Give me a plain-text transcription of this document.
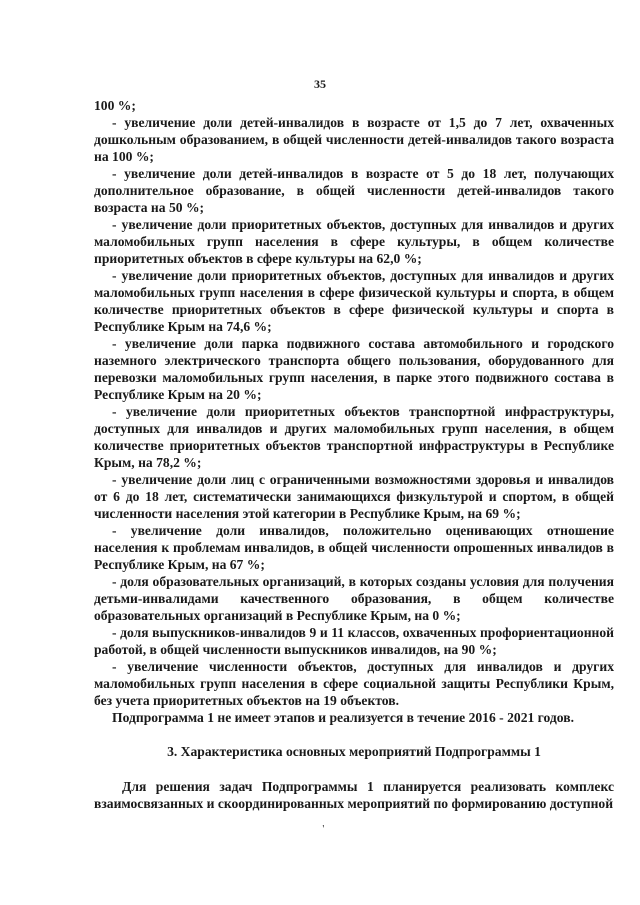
35

100 %;

- увеличение доли детей-инвалидов в возрасте от 1,5 до 7 лет, охваченных дошкольным образованием, в общей численности детей-инвалидов такого возраста на 100 %;

- увеличение доли детей-инвалидов в возрасте от 5 до 18 лет, получающих дополнительное образование, в общей численности детей-инвалидов такого возраста на 50 %;

- увеличение доли приоритетных объектов, доступных для инвалидов и других маломобильных групп населения в сфере культуры, в общем количестве приоритетных объектов в сфере культуры на 62,0 %;

- увеличение доли приоритетных объектов, доступных для инвалидов и других маломобильных групп населения в сфере физической культуры и спорта, в общем количестве приоритетных объектов в сфере физической культуры и спорта в Республике Крым на 74,6 %;

- увеличение доли парка подвижного состава автомобильного и городского наземного электрического транспорта общего пользования, оборудованного для перевозки маломобильных групп населения, в парке этого подвижного состава в Республике Крым на 20 %;

- увеличение доли приоритетных объектов транспортной инфраструктуры, доступных для инвалидов и других маломобильных групп населения, в общем количестве приоритетных объектов транспортной инфраструктуры в Республике Крым, на 78,2 %;

- увеличение доли лиц с ограниченными возможностями здоровья и инвалидов от 6 до 18 лет, систематически занимающихся физкультурой и спортом, в общей численности населения этой категории в Республике Крым, на 69 %;

- увеличение доли инвалидов, положительно оценивающих отношение населения к проблемам инвалидов, в общей численности опрошенных инвалидов в Республике Крым, на 67 %;

- доля образовательных организаций, в которых созданы условия для получения детьми-инвалидами качественного образования, в общем количестве образовательных организаций в Республике Крым, на 0 %;

- доля выпускников-инвалидов 9 и 11 классов, охваченных профориентационной работой, в общей численности выпускников инвалидов, на 90 %;

- увеличение численности объектов, доступных для инвалидов и других маломобильных групп населения в сфере социальной защиты Республики Крым, без учета приоритетных объектов на 19 объектов.

Подпрограмма 1 не имеет этапов и реализуется в течение 2016 - 2021 годов.

3. Характеристика основных мероприятий Подпрограммы 1

Для решения задач Подпрограммы 1 планируется реализовать комплекс взаимосвязанных и скоординированных мероприятий по формированию доступной

'
